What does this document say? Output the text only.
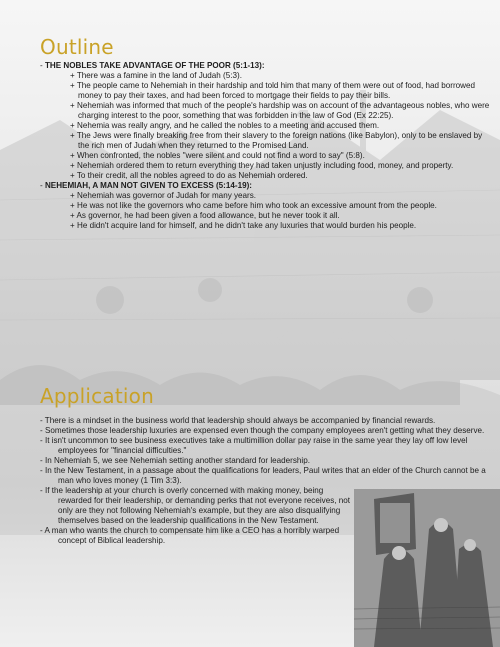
Outline
- THE NOBLES TAKE ADVANTAGE OF THE POOR (5:1-13):
+ There was a famine in the land of Judah (5:3).
+ The people came to Nehemiah in their hardship and told him that many of them were out of food, had borrowed money to pay their taxes, and had been forced to mortgage their fields to pay their bills.
+ Nehemiah was informed that much of the people's hardship was on account of the advantageous nobles, who were charging interest to the poor, something that was forbidden in the law of God (Ex 22:25).
+ Nehemia was really angry, and he called the nobles to a meeting and accused them.
+ The Jews were finally breaking free from their slavery to the foreign nations (like Babylon), only to be enslaved by the rich men of Judah when they returned to the Promised Land.
+ When confronted, the nobles "were silent and could not find a word to say" (5:8).
+ Nehemiah ordered them to return everything they had taken unjustly including food, money, and property.
+ To their credit, all the nobles agreed to do as Nehemiah ordered.
- NEHEMIAH, A MAN NOT GIVEN TO EXCESS (5:14-19):
+ Nehemiah was governor of Judah for many years.
+ He was not like the governors who came before him who took an excessive amount from the people.
+ As governor, he had been given a food allowance, but he never took it all.
+ He didn't acquire land for himself, and he didn't take any luxuries that would burden his people.
Application
- There is a mindset in the business world that leadership should always be accompanied by financial rewards.
- Sometimes those leadership luxuries are expensed even though the company employees aren't getting what they deserve.
- It isn't uncommon to see business executives take a multimillion dollar pay raise in the same year they lay off low level employees for "financial difficulties."
- In Nehemiah 5, we see Nehemiah setting another standard for leadership.
- In the New Testament, in a passage about the qualifications for leaders, Paul writes that an elder of the Church cannot be a man who loves money (1 Tim 3:3).
- If the leadership at your church is overly concerned with making money, being rewarded for their leadership, or demanding perks that not everyone receives, not only are they not following Nehemiah's example, but they are also disqualifying themselves based on the leadership qualifications in the New Testament.
- A man who wants the church to compensate him like a CEO has a horribly warped concept of Biblical leadership.
